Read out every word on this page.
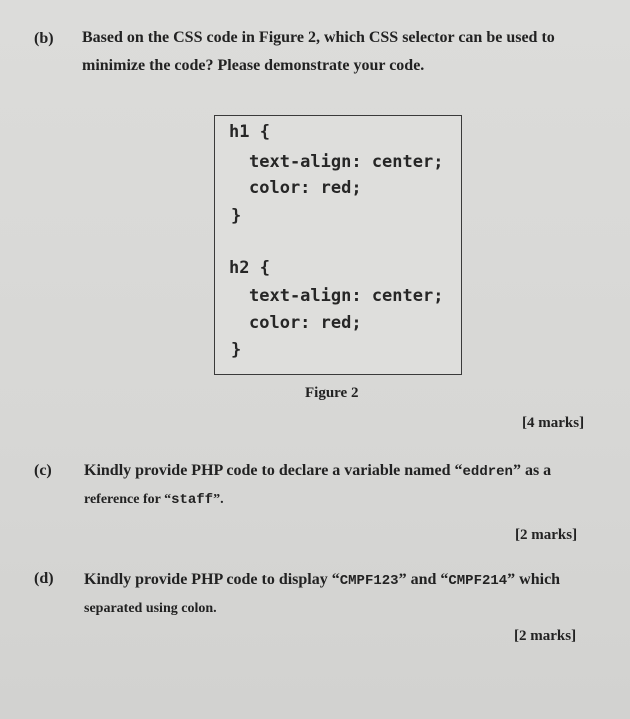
(b) Based on the CSS code in Figure 2, which CSS selector can be used to
minimize the code? Please demonstrate your code.
h1 {
text-align: center;
color: red;
}
h2 {
text-align: center;
color: red;
}
Figure 2
[4 marks]
(c) Kindly provide PHP code to declare a variable named “eddren” as a
reference for “staff”.
[2 marks]
(d) Kindly provide PHP code to display “CMPF123” and “CMPF214” which
separated using colon.
[2 marks]
